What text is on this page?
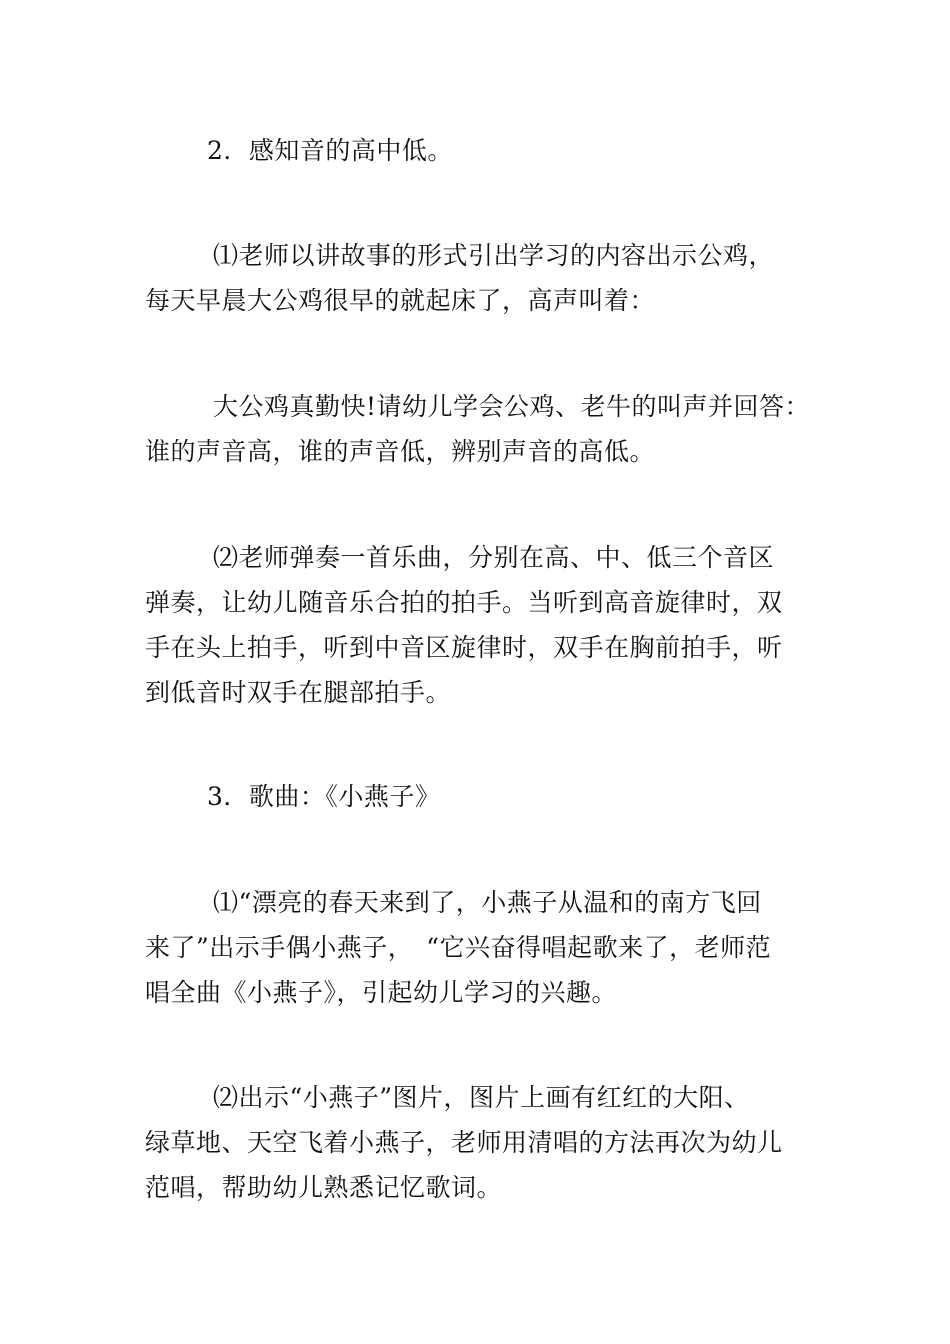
2．感知音的高中低。

⑴老师以讲故事的形式引出学习的内容出示公鸡，
每天早晨大公鸡很早的就起床了，高声叫着：

大公鸡真勤快!请幼儿学会公鸡、老牛的叫声并回答：
谁的声音高，谁的声音低，辨别声音的高低。

⑵老师弹奏一首乐曲，分别在高、中、低三个音区
弹奏，让幼儿随音乐合拍的拍手。当听到高音旋律时，双
手在头上拍手，听到中音区旋律时，双手在胸前拍手，听
到低音时双手在腿部拍手。

3．歌曲：《小燕子》

⑴“漂亮的春天来到了，小燕子从温和的南方飞回
来了”出示手偶小燕子，　“它兴奋得唱起歌来了，老师范
唱全曲《小燕子》，引起幼儿学习的兴趣。

⑵出示“小燕子”图片，图片上画有红红的大阳、
绿草地、天空飞着小燕子，老师用清唱的方法再次为幼儿
范唱，帮助幼儿熟悉记忆歌词。
